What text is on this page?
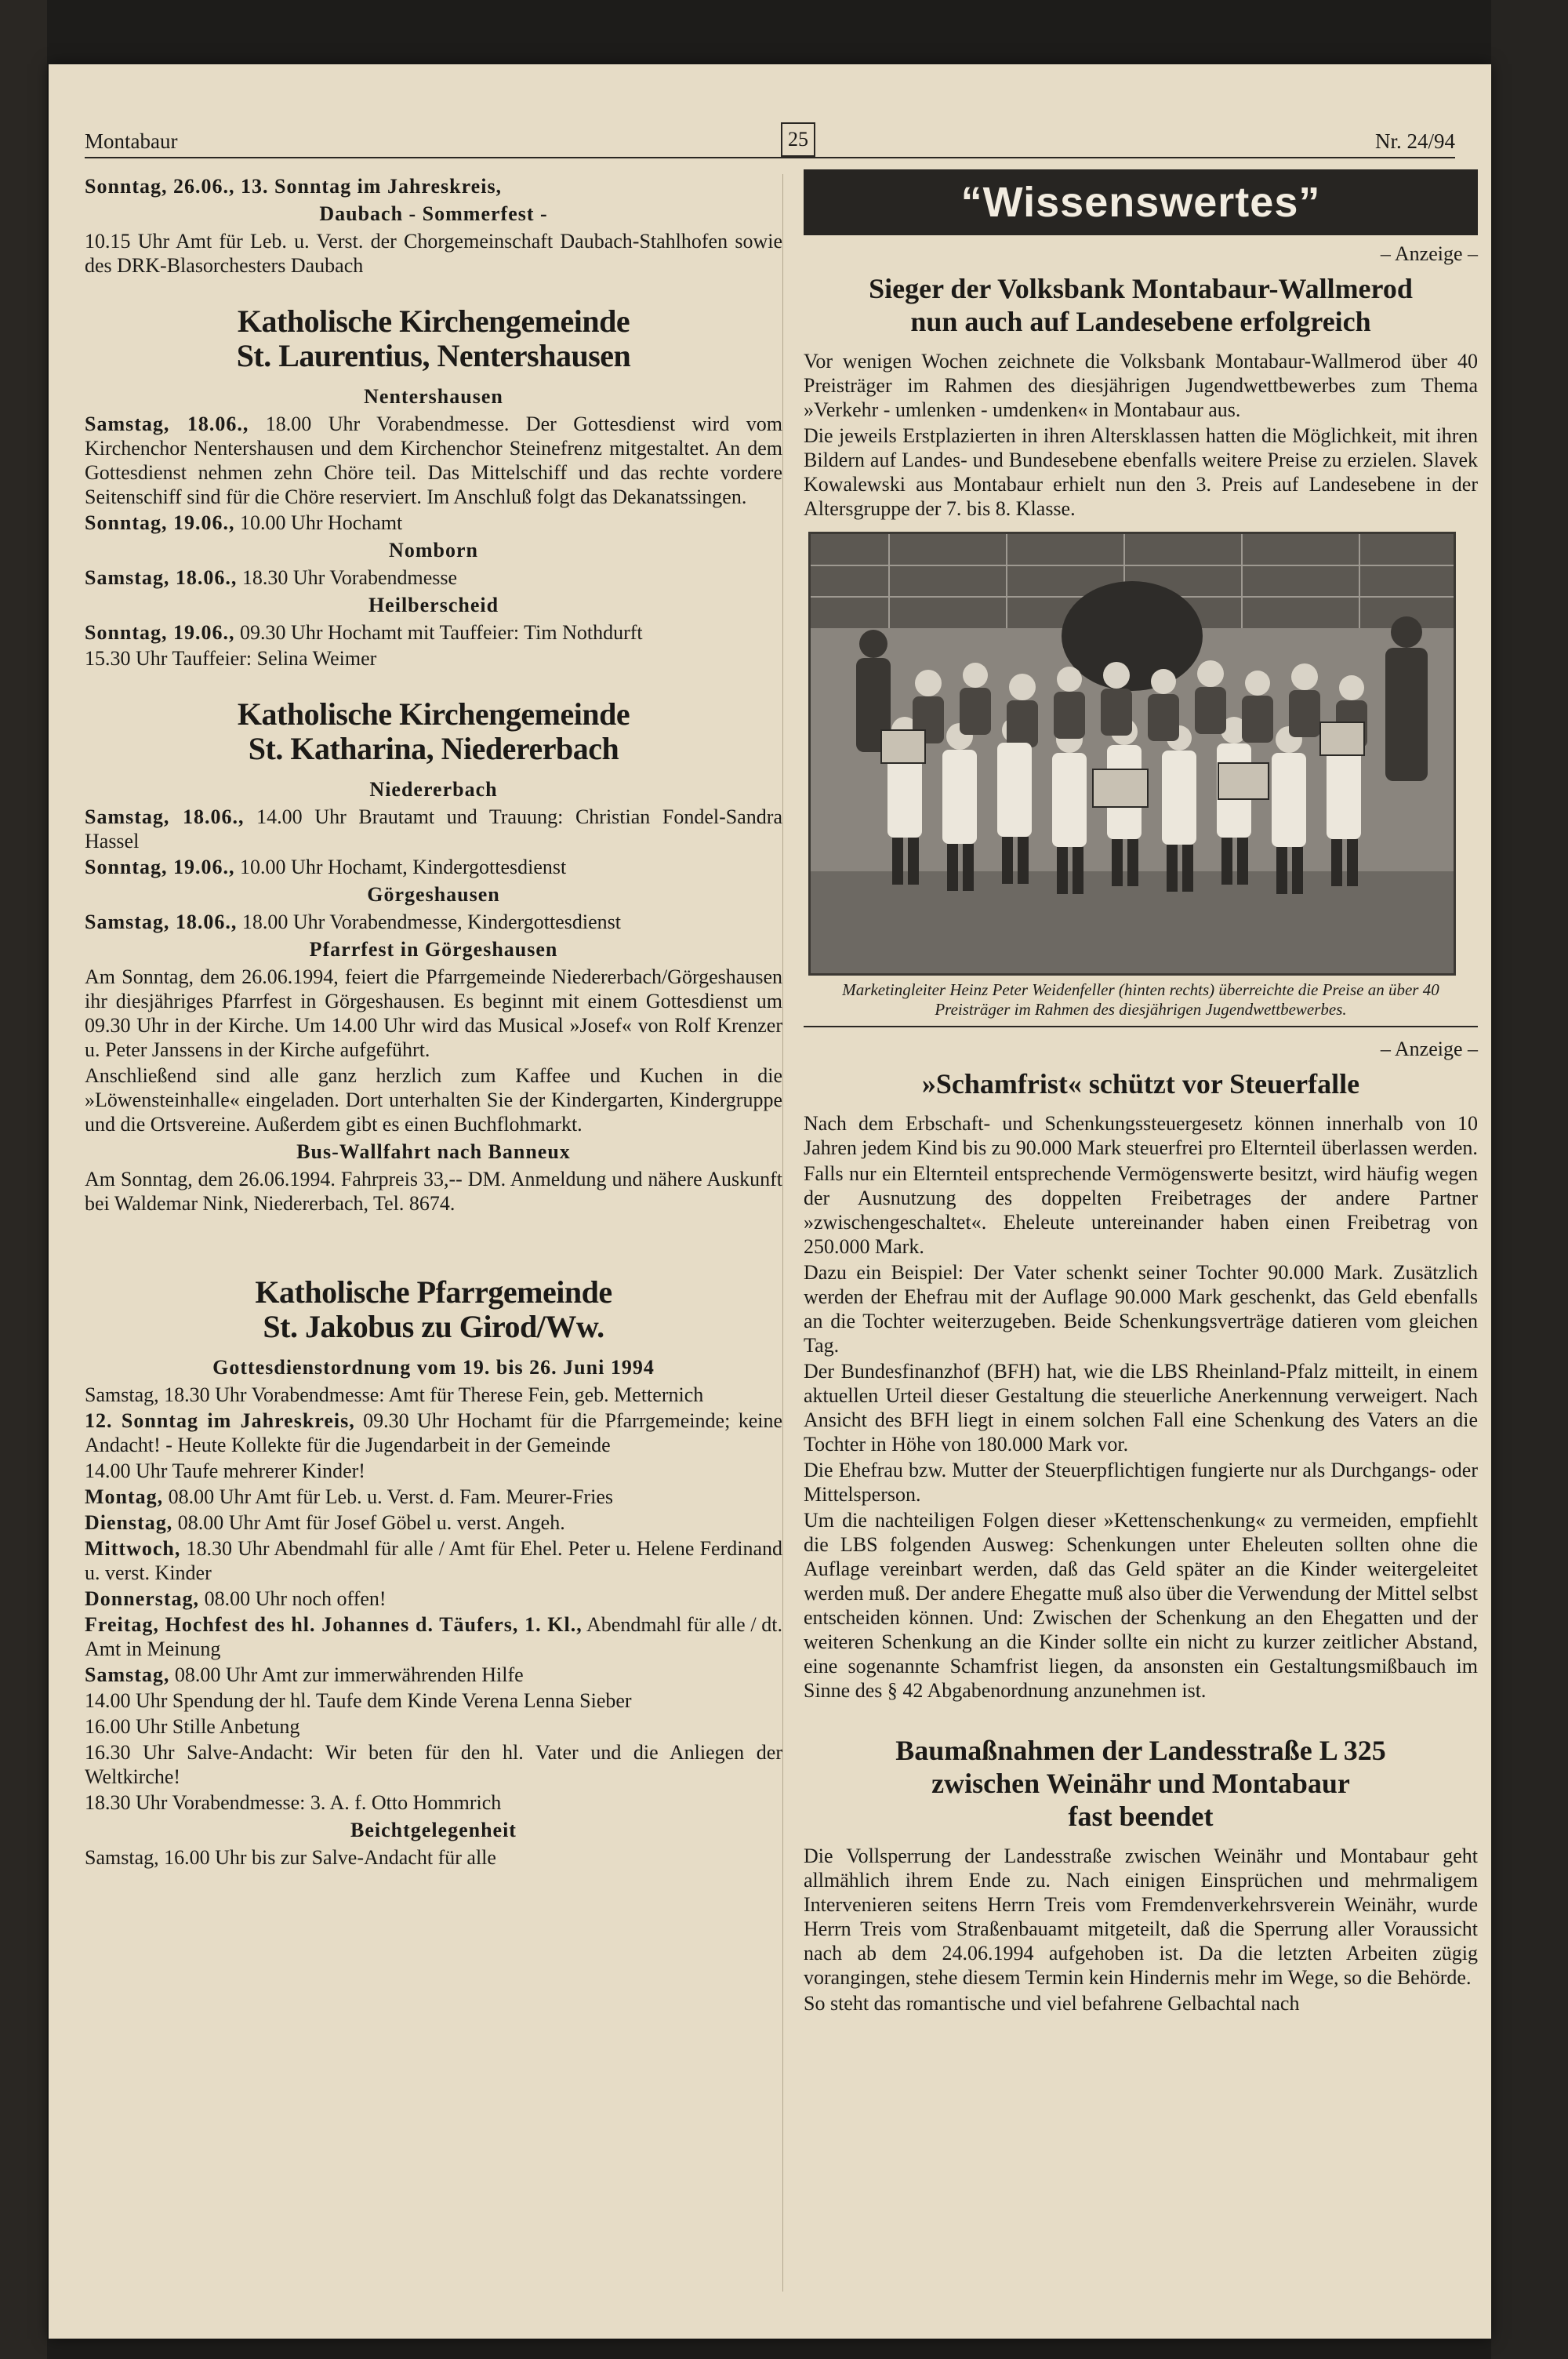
Montabaur	25	Nr. 24/94

Sonntag, 26.06., 13. Sonntag im Jahreskreis,

Daubach - Sommerfest -

10.15 Uhr Amt für Leb. u. Verst. der Chorgemeinschaft Daubach-Stahlhofen sowie des DRK-Blasorchesters Daubach

Katholische Kirchengemeinde
St. Laurentius, Nentershausen

Nentershausen

Samstag, 18.06., 18.00 Uhr Vorabendmesse. Der Gottesdienst wird vom Kirchenchor Nentershausen und dem Kirchenchor Steinefrenz mitgestaltet. An dem Gottesdienst nehmen zehn Chöre teil. Das Mittelschiff und das rechte vordere Seitenschiff sind für die Chöre reserviert. Im Anschluß folgt das Dekanatssingen.

Sonntag, 19.06., 10.00 Uhr Hochamt

Nomborn

Samstag, 18.06., 18.30 Uhr Vorabendmesse

Heilberscheid

Sonntag, 19.06., 09.30 Uhr Hochamt mit Tauffeier: Tim Nothdurft

15.30 Uhr Tauffeier: Selina Weimer

Katholische Kirchengemeinde
St. Katharina, Niedererbach

Niedererbach

Samstag, 18.06., 14.00 Uhr Brautamt und Trauung: Christian Fondel-Sandra Hassel

Sonntag, 19.06., 10.00 Uhr Hochamt, Kindergottesdienst

Görgeshausen

Samstag, 18.06., 18.00 Uhr Vorabendmesse, Kindergottesdienst

Pfarrfest in Görgeshausen

Am Sonntag, dem 26.06.1994, feiert die Pfarrgemeinde Niedererbach/Görgeshausen ihr diesjähriges Pfarrfest in Görgeshausen. Es beginnt mit einem Gottesdienst um 09.30 Uhr in der Kirche. Um 14.00 Uhr wird das Musical »Josef« von Rolf Krenzer u. Peter Janssens in der Kirche aufgeführt.

Anschließend sind alle ganz herzlich zum Kaffee und Kuchen in die »Löwensteinhalle« eingeladen. Dort unterhalten Sie der Kindergarten, Kindergruppe und die Ortsvereine. Außerdem gibt es einen Buchflohmarkt.

Bus-Wallfahrt nach Banneux

Am Sonntag, dem 26.06.1994. Fahrpreis 33,-- DM. Anmeldung und nähere Auskunft bei Waldemar Nink, Niedererbach, Tel. 8674.

Katholische Pfarrgemeinde
St. Jakobus zu Girod/Ww.

Gottesdienstordnung vom 19. bis 26. Juni 1994

Samstag, 18.30 Uhr Vorabendmesse: Amt für Therese Fein, geb. Metternich

12. Sonntag im Jahreskreis, 09.30 Uhr Hochamt für die Pfarrgemeinde; keine Andacht! - Heute Kollekte für die Jugendarbeit in der Gemeinde

14.00 Uhr Taufe mehrerer Kinder!

Montag, 08.00 Uhr Amt für Leb. u. Verst. d. Fam. Meurer-Fries

Dienstag, 08.00 Uhr Amt für Josef Göbel u. verst. Angeh.

Mittwoch, 18.30 Uhr Abendmahl für alle / Amt für Ehel. Peter u. Helene Ferdinand u. verst. Kinder

Donnerstag, 08.00 Uhr noch offen!

Freitag, Hochfest des hl. Johannes d. Täufers, 1. Kl., Abendmahl für alle / dt. Amt in Meinung

Samstag, 08.00 Uhr Amt zur immerwährenden Hilfe

14.00 Uhr Spendung der hl. Taufe dem Kinde Verena Lenna Sieber

16.00 Uhr Stille Anbetung

16.30 Uhr Salve-Andacht: Wir beten für den hl. Vater und die Anliegen der Weltkirche!

18.30 Uhr Vorabendmesse: 3. A. f. Otto Hommrich

Beichtgelegenheit

Samstag, 16.00 Uhr bis zur Salve-Andacht für alle

“Wissenswertes”

– Anzeige –

Sieger der Volksbank Montabaur-Wallmerod
nun auch auf Landesebene erfolgreich

Vor wenigen Wochen zeichnete die Volksbank Montabaur-Wallmerod über 40 Preisträger im Rahmen des diesjährigen Jugendwettbewerbes zum Thema »Verkehr - umlenken - umdenken« in Montabaur aus.

Die jeweils Erstplazierten in ihren Altersklassen hatten die Möglichkeit, mit ihren Bildern auf Landes- und Bundesebene ebenfalls weitere Preise zu erzielen. Slavek Kowalewski aus Montabaur erhielt nun den 3. Preis auf Landesebene in der Altersgruppe der 7. bis 8. Klasse.

Marketingleiter Heinz Peter Weidenfeller (hinten rechts) überreichte die Preise an über 40 Preisträger im Rahmen des diesjährigen Jugendwettbewerbes.

– Anzeige –

»Schamfrist« schützt vor Steuerfalle

Nach dem Erbschaft- und Schenkungssteuergesetz können innerhalb von 10 Jahren jedem Kind bis zu 90.000 Mark steuerfrei pro Elternteil überlassen werden.

Falls nur ein Elternteil entsprechende Vermögenswerte besitzt, wird häufig wegen der Ausnutzung des doppelten Freibetrages der andere Partner »zwischengeschaltet«. Eheleute untereinander haben einen Freibetrag von 250.000 Mark.

Dazu ein Beispiel: Der Vater schenkt seiner Tochter 90.000 Mark. Zusätzlich werden der Ehefrau mit der Auflage 90.000 Mark geschenkt, das Geld ebenfalls an die Tochter weiterzugeben. Beide Schenkungsverträge datieren vom gleichen Tag.

Der Bundesfinanzhof (BFH) hat, wie die LBS Rheinland-Pfalz mitteilt, in einem aktuellen Urteil dieser Gestaltung die steuerliche Anerkennung verweigert. Nach Ansicht des BFH liegt in einem solchen Fall eine Schenkung des Vaters an die Tochter in Höhe von 180.000 Mark vor.

Die Ehefrau bzw. Mutter der Steuerpflichtigen fungierte nur als Durchgangs- oder Mittelsperson.

Um die nachteiligen Folgen dieser »Kettenschenkung« zu vermeiden, empfiehlt die LBS folgenden Ausweg: Schenkungen unter Eheleuten sollten ohne die Auflage vereinbart werden, daß das Geld später an die Kinder weitergeleitet werden muß. Der andere Ehegatte muß also über die Verwendung der Mittel selbst entscheiden können. Und: Zwischen der Schenkung an den Ehegatten und der weiteren Schenkung an die Kinder sollte ein nicht zu kurzer zeitlicher Abstand, eine sogenannte Schamfrist liegen, da ansonsten ein Gestaltungsmißbauch im Sinne des § 42 Abgabenordnung anzunehmen ist.

Baumaßnahmen der Landesstraße L 325
zwischen Weinähr und Montabaur
fast beendet

Die Vollsperrung der Landesstraße zwischen Weinähr und Montabaur geht allmählich ihrem Ende zu. Nach einigen Einsprüchen und mehrmaligem Intervenieren seitens Herrn Treis vom Fremdenverkehrsverein Weinähr, wurde Herrn Treis vom Straßenbauamt mitgeteilt, daß die Sperrung aller Voraussicht nach ab dem 24.06.1994 aufgehoben ist. Da die letzten Arbeiten zügig vorangingen, stehe diesem Termin kein Hindernis mehr im Wege, so die Behörde.

So steht das romantische und viel befahrene Gelbachtal nach
